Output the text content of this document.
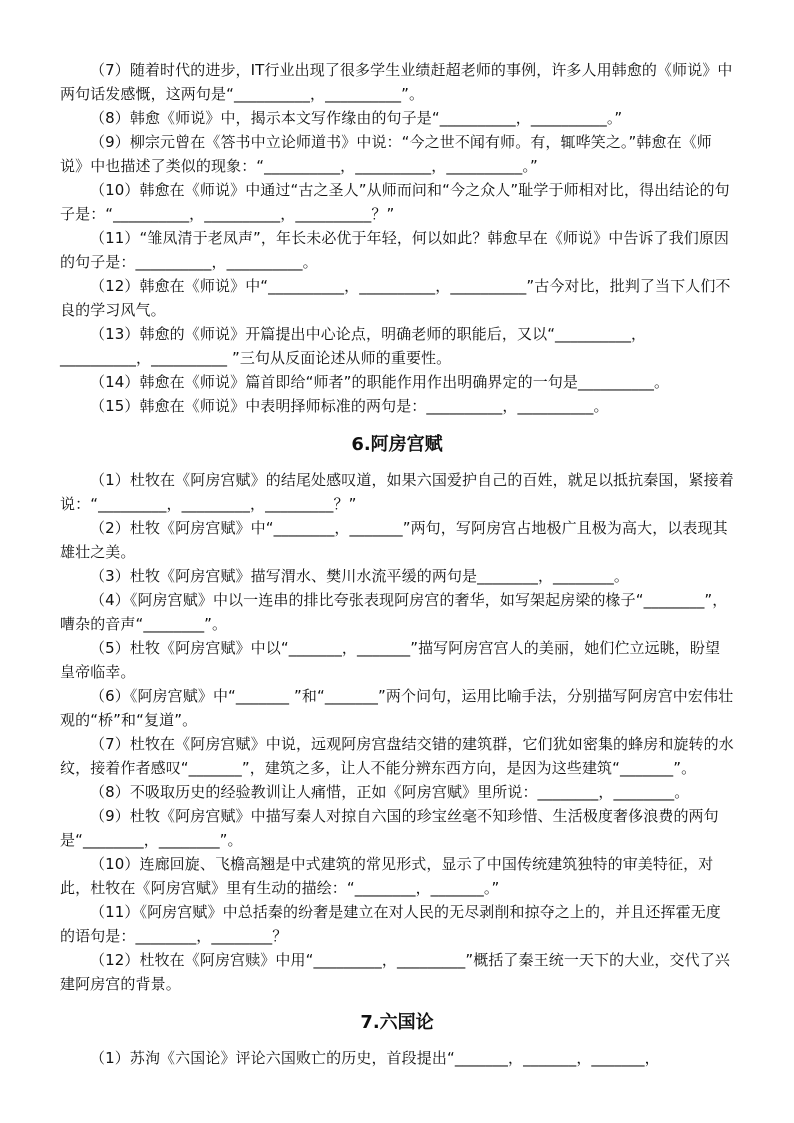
（7）随着时代的进步，IT行业出现了很多学生业绩赶超老师的事例，许多人用韩愈的《师说》中两句话发感慨，这两句是“__________，__________”。

（8）韩愈《师说》中，揭示本文写作缘由的句子是“__________，__________。”

（9）柳宗元曾在《答书中立论师道书》中说：“今之世不闻有师。有，辄哗笑之。”韩愈在《师说》中也描述了类似的现象：“__________，__________，__________。”

（10）韩愈在《师说》中通过“古之圣人”从师而问和“今之众人”耻学于师相对比，得出结论的句子是：“__________，__________，__________？”

（11）“雏凤清于老凤声”，年长未必优于年轻，何以如此？韩愈早在《师说》中告诉了我们原因的句子是：__________，__________。

（12）韩愈在《师说》中“__________，__________，__________”古今对比，批判了当下人们不良的学习风气。

（13）韩愈的《师说》开篇提出中心论点，明确老师的职能后，又以“__________，__________，__________ ”三句从反面论述从师的重要性。

（14）韩愈在《师说》篇首即给“师者”的职能作用作出明确界定的一句是__________。

（15）韩愈在《师说》中表明择师标准的两句是：__________，__________。

6.阿房宫赋

（1）杜牧在《阿房宫赋》的结尾处感叹道，如果六国爱护自己的百姓，就足以抵抗秦国，紧接着说：“_________，_________，_________？”

（2）杜牧《阿房宫赋》中“________，_______”两句，写阿房宫占地极广且极为高大，以表现其雄壮之美。

（3）杜牧《阿房宫赋》描写渭水、樊川水流平缓的两句是________，________。

（4）《阿房宫赋》中以一连串的排比夸张表现阿房宫的奢华，如写架起房梁的椽子“________”，嘈杂的音声“________”。

（5）杜牧《阿房宫赋》中以“_______，_______”描写阿房宫宫人的美丽，她们伫立远眺，盼望皇帝临幸。

（6）《阿房宫赋》中“_______ ”和“_______”两个问句，运用比喻手法，分别描写阿房宫中宏伟壮观的“桥”和“复道”。

（7）杜牧在《阿房宫赋》中说，远观阿房宫盘结交错的建筑群，它们犹如密集的蜂房和旋转的水纹，接着作者感叹“_______”，建筑之多，让人不能分辨东西方向，是因为这些建筑“_______”。

（8）不吸取历史的经验教训让人痛惜，正如《阿房宫赋》里所说：________，________。

（9）杜牧《阿房宫赋》中描写秦人对掠自六国的珍宝丝毫不知珍惜、生活极度奢侈浪费的两句是“________，________”。

（10）连廊回旋、飞檐高翘是中式建筑的常见形式，显示了中国传统建筑独特的审美特征，对此，杜牧在《阿房宫赋》里有生动的描绘：“________，_______。”

（11）《阿房宫赋》中总括秦的纷奢是建立在对人民的无尽剥削和掠夺之上的，并且还挥霍无度的语句是：________，________？

（12）杜牧在《阿房宫赎》中用“_________，_________”概括了秦王统一天下的大业，交代了兴建阿房宫的背景。

7.六国论

（1）苏洵《六国论》评论六国败亡的历史，首段提出“_______，_______，_______，
